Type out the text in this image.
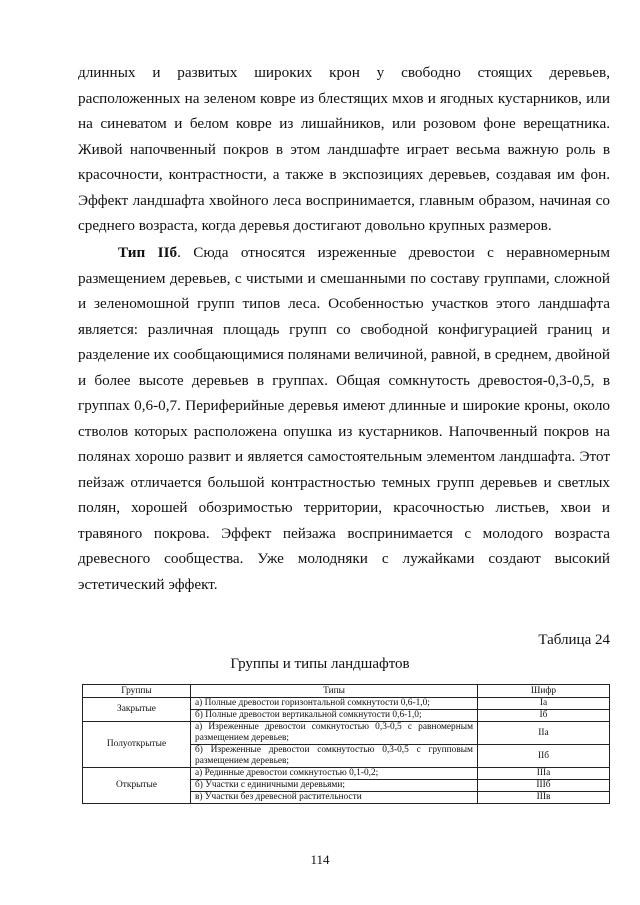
длинных и развитых широких крон у свободно стоящих деревьев, расположенных на зеленом ковре из блестящих мхов и ягодных кустарников, или на синеватом и белом ковре из лишайников, или розовом фоне верещатника. Живой напочвенный покров в этом ландшафте играет весьма важную роль в красочности, контрастности, а также в экспозициях деревьев, создавая им фон. Эффект ландшафта хвойного леса воспринимается, главным образом, начиная со среднего возраста, когда деревья достигают довольно крупных размеров.

Тип IIб. Сюда относятся изреженные древостои с неравномерным размещением деревьев, с чистыми и смешанными по составу группами, сложной и зеленомошной групп типов леса. Особенностью участков этого ландшафта является: различная площадь групп со свободной конфигурацией границ и разделение их сообщающимися полянами величиной, равной, в среднем, двойной и более высоте деревьев в группах. Общая сомкнутость древостоя-0,3-0,5, в группах 0,6-0,7. Периферийные деревья имеют длинные и широкие кроны, около стволов которых расположена опушка из кустарников. Напочвенный покров на полянах хорошо развит и является самостоятельным элементом ландшафта. Этот пейзаж отличается большой контрастностью темных групп деревьев и светлых полян, хорошей обозримостью территории, красочностью листьев, хвои и травяного покрова. Эффект пейзажа воспринимается с молодого возраста древесного сообщества. Уже молодняки с лужайками создают высокий эстетический эффект.

Таблица 24

Группы и типы ландшафтов

Группы	Типы	Шифр
Закрытые	а) Полные древостои горизонтальной сомкнутости 0,6-1,0;	Ia
	б) Полные древостои вертикальной сомкнутости 0,6-1,0;	Iб
Полуоткрытые	а) Изреженные древостои сомкнутостью 0,3-0,5 с равномерным размещением деревьев;	IIa
	б) Изреженные древостои сомкнутостью 0,3-0,5 с групповым размещением деревьев;	IIб
Открытые	а) Рединные древостои сомкнутостью 0,1-0,2;	IIIa
	б) Участки с единичными деревьями;	IIIб
	в) Участки без древесной растительности	IIIв

114
